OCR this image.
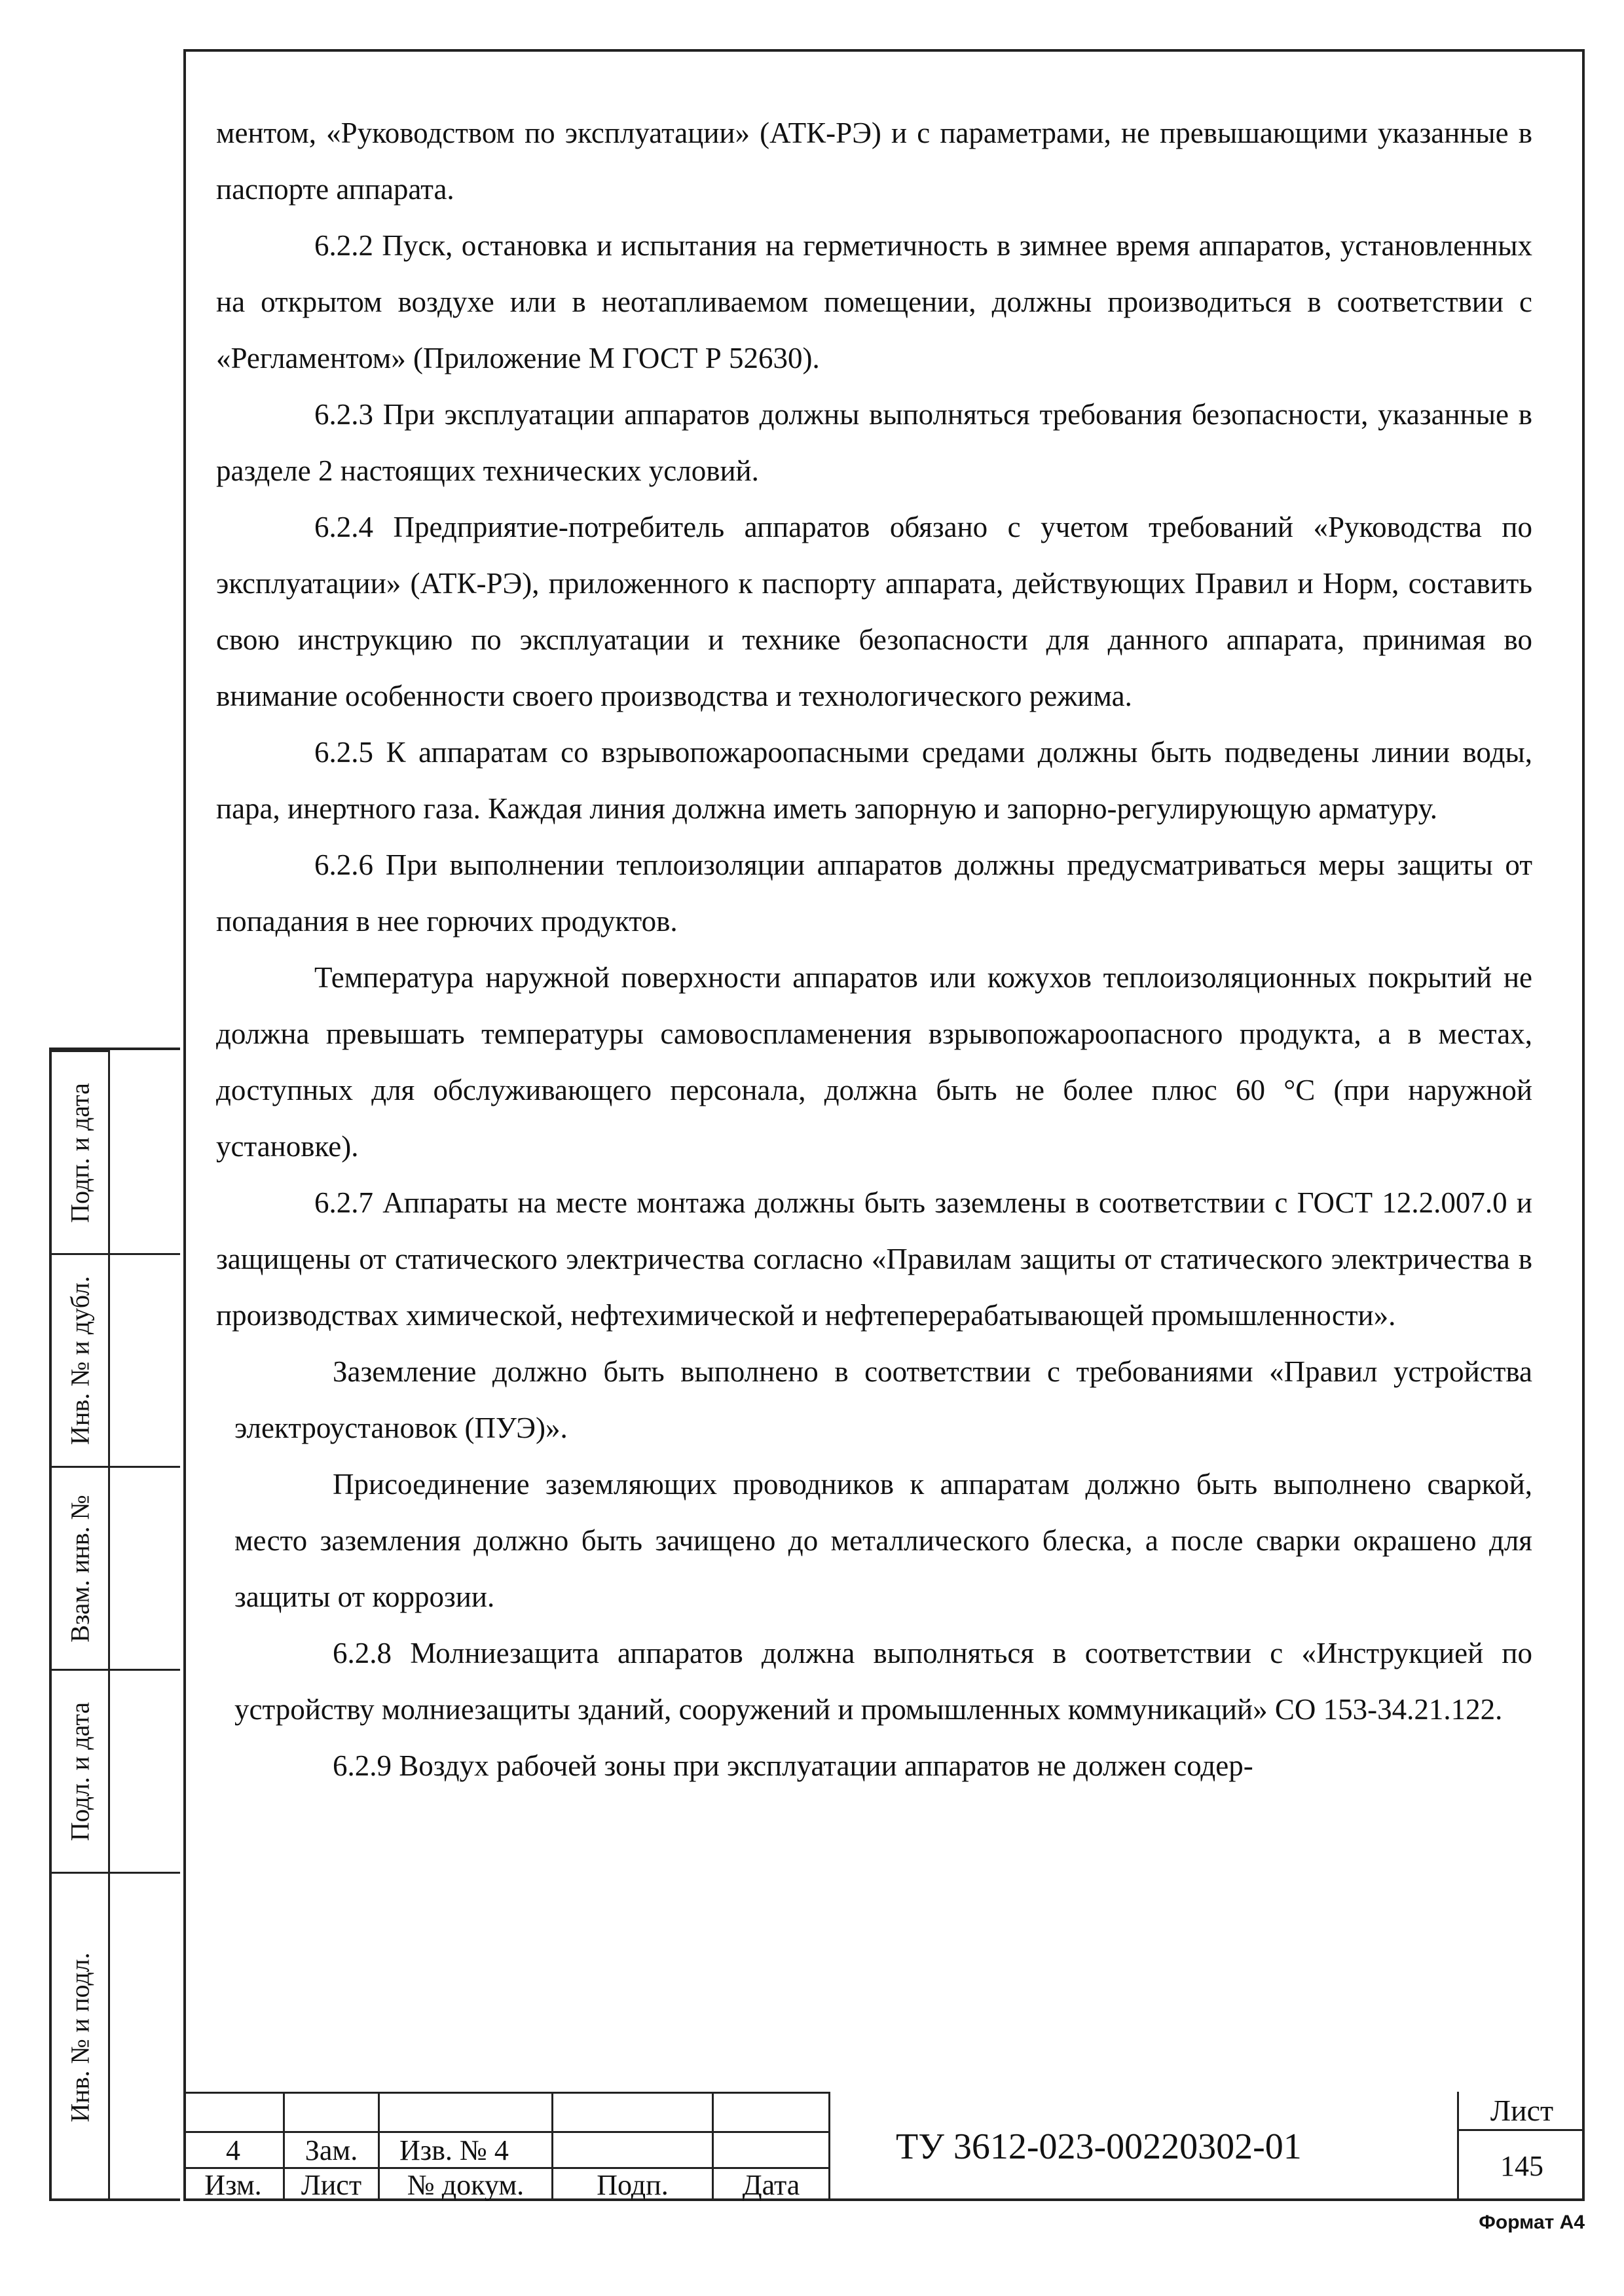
Подп. и дата
Инв. № и дубл.
Взам. инв. №
Подл. и дата
Инв. № и подл.

ментом, «Руководством по эксплуатации» (АТК-РЭ) и с параметрами, не превышающими указанные в паспорте аппарата.

6.2.2 Пуск, остановка и испытания на герметичность в зимнее время аппаратов, установленных на открытом воздухе или в неотапливаемом помещении, должны производиться в соответствии с «Регламентом» (Приложение М ГОСТ Р 52630).

6.2.3 При эксплуатации аппаратов должны выполняться требования безопасности, указанные в разделе 2 настоящих технических условий.

6.2.4 Предприятие-потребитель аппаратов обязано с учетом требований «Руководства по эксплуатации» (АТК-РЭ), приложенного к паспорту аппарата, действующих Правил и Норм, составить свою инструкцию по эксплуатации и технике безопасности для данного аппарата, принимая во внимание особенности своего производства и технологического режима.

6.2.5 К аппаратам со взрывопожароопасными средами должны быть подведены линии воды, пара, инертного газа. Каждая линия должна иметь запорную и запорно-регулирующую арматуру.

6.2.6 При выполнении теплоизоляции аппаратов должны предусматриваться меры защиты от попадания в нее горючих продуктов.

Температура наружной поверхности аппаратов или кожухов теплоизоляционных покрытий не должна превышать температуры самовоспламенения взрывопожароопасного продукта, а в местах, доступных для обслуживающего персонала, должна быть не более плюс 60 °С (при наружной установке).

6.2.7 Аппараты на месте монтажа должны быть заземлены в соответствии с ГОСТ 12.2.007.0 и защищены от статического электричества согласно «Правилам защиты от статического электричества в производствах химической, нефтехимической и нефтеперерабатывающей промышленности».

Заземление должно быть выполнено в соответствии с требованиями «Правил устройства электроустановок (ПУЭ)».

Присоединение заземляющих проводников к аппаратам должно быть выполнено сваркой, место заземления должно быть зачищено до металлического блеска, а после сварки окрашено для защиты от коррозии.

6.2.8 Молниезащита аппаратов должна выполняться в соответствии с «Инструкцией по устройству молниезащиты зданий, сооружений и промышленных коммуникаций» СО 153-34.21.122.

6.2.9 Воздух рабочей зоны при эксплуатации аппаратов не должен содер-

4	Зам.	Изв. № 4
Изм.	Лист	№ докум.	Подп.	Дата
ТУ 3612-023-00220302-01
Лист
145
Формат А4
